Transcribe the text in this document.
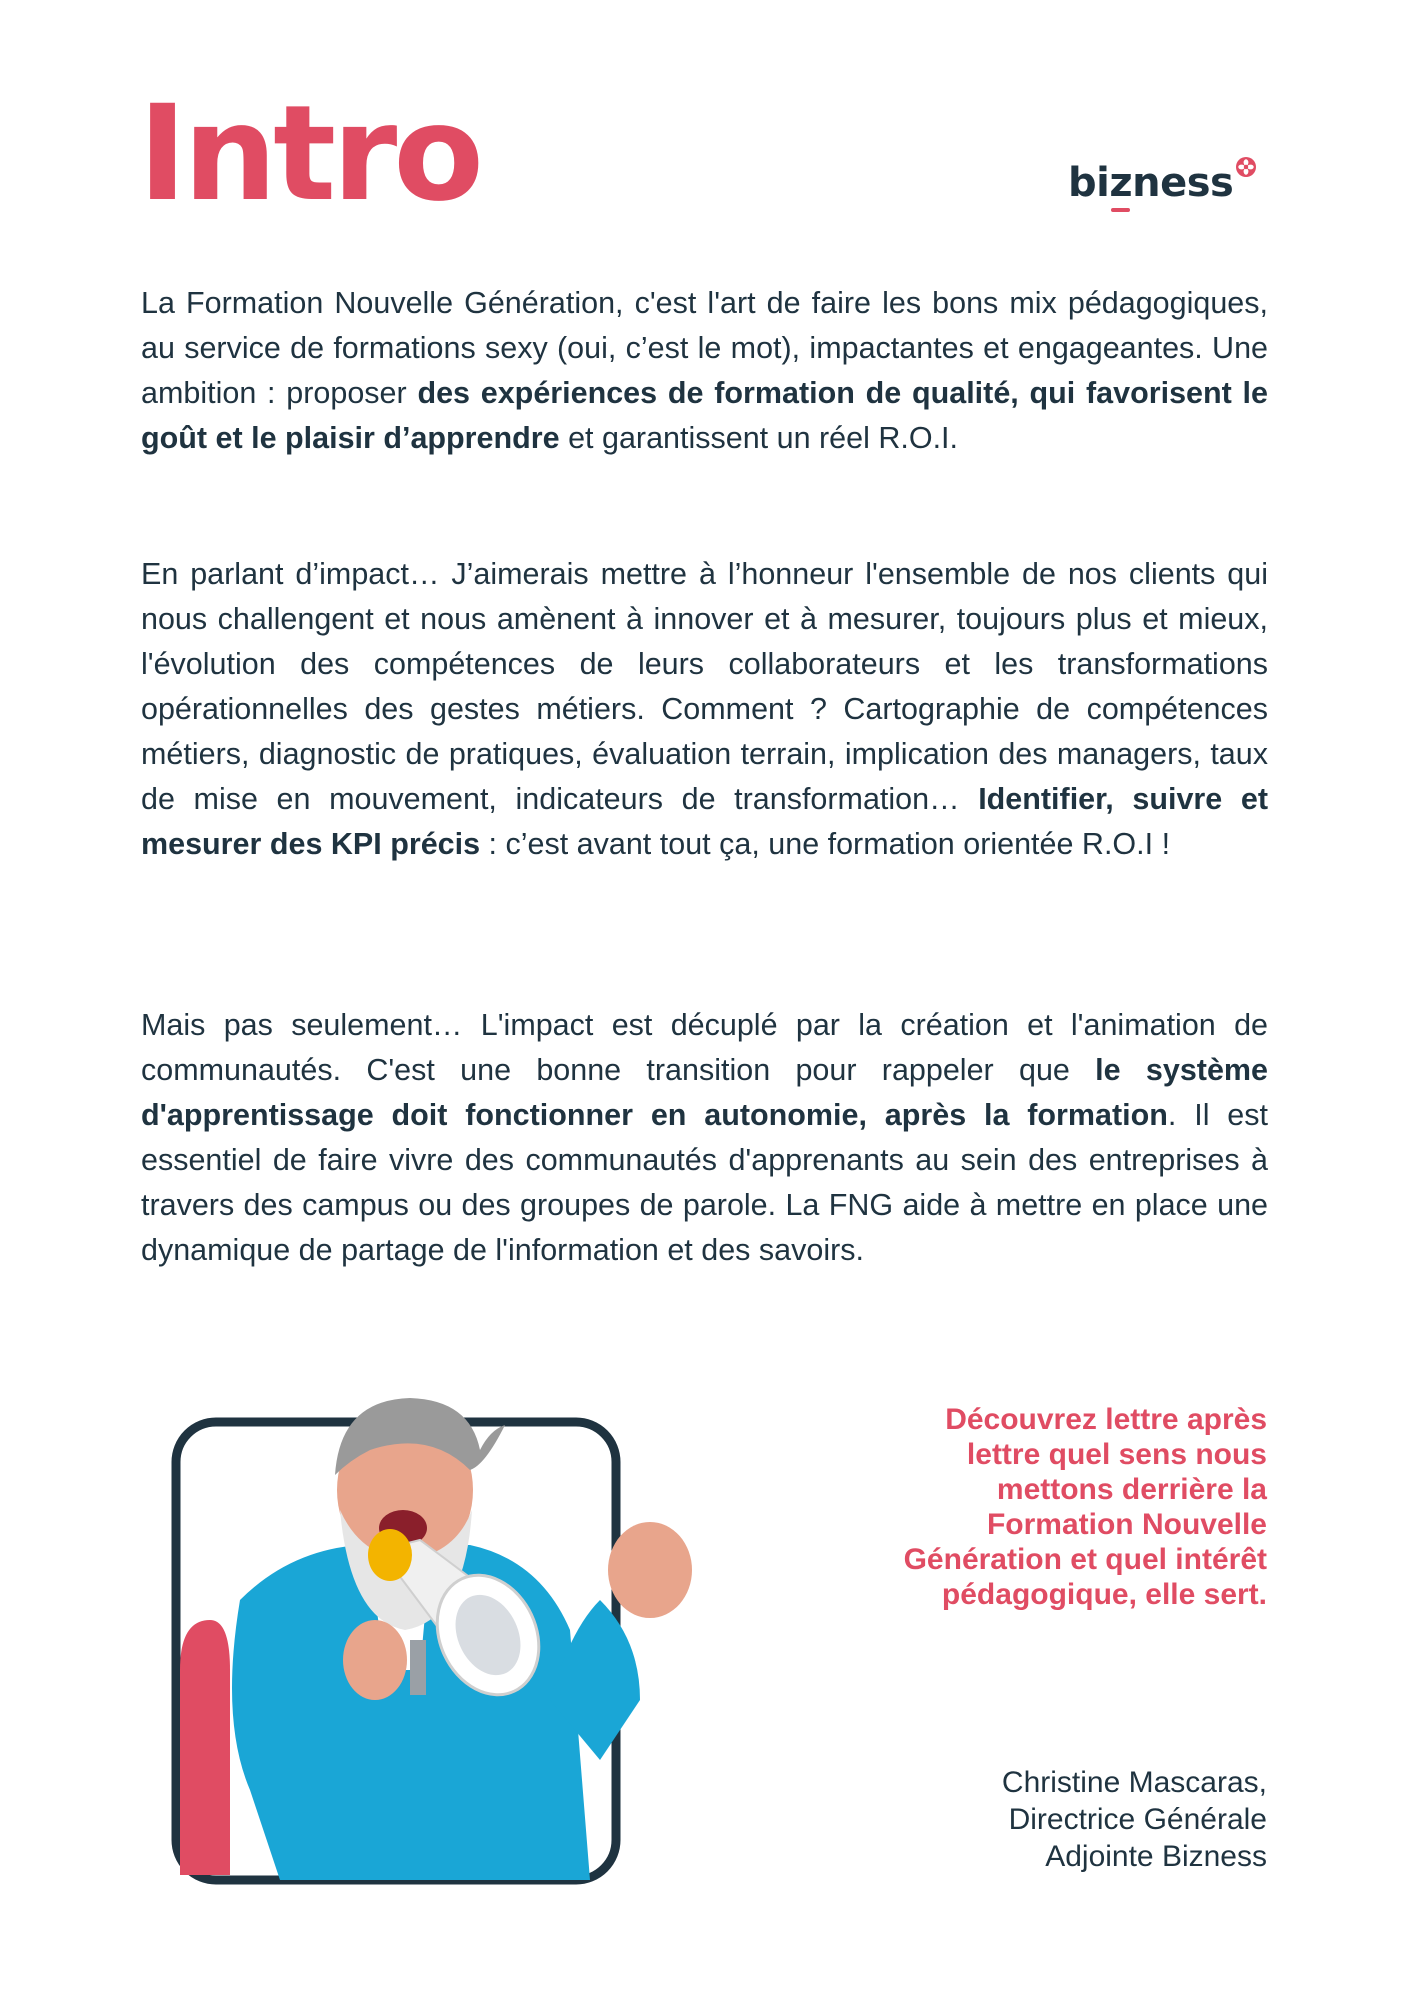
Intro	bi z ness

La Formation Nouvelle Génération, c'est l'art de faire les bons mix pédagogiques, au service de formations sexy (oui, c’est le mot), impactantes et engageantes. Une ambition : proposer des expériences de formation de qualité, qui favorisent le goût et le plaisir d’apprendre et garantissent un réel R.O.I.

En parlant d’impact… J’aimerais mettre à l’honneur l'ensemble de nos clients qui nous challengent et nous amènent à innover et à mesurer, toujours plus et mieux, l'évolution des compétences de leurs collaborateurs et les transformations opérationnelles des gestes métiers. Comment ? Cartographie de compétences métiers, diagnostic de pratiques, évaluation terrain, implication des managers, taux de mise en mouvement, indicateurs de transformation… Identifier, suivre et mesurer des KPI précis : c’est avant tout ça, une formation orientée R.O.I !

Mais pas seulement… L'impact est décuplé par la création et l'animation de communautés. C'est une bonne transition pour rappeler que le système d'apprentissage doit fonctionner en autonomie, après la formation. Il est essentiel de faire vivre des communautés d'apprenants au sein des entreprises à travers des campus ou des groupes de parole. La FNG aide à mettre en place une dynamique de partage de l'information et des savoirs.

Découvrez lettre après lettre quel sens nous mettons derrière la Formation Nouvelle Génération et quel intérêt pédagogique, elle sert.

Christine Mascaras,
Directrice Générale
Adjointe Bizness
